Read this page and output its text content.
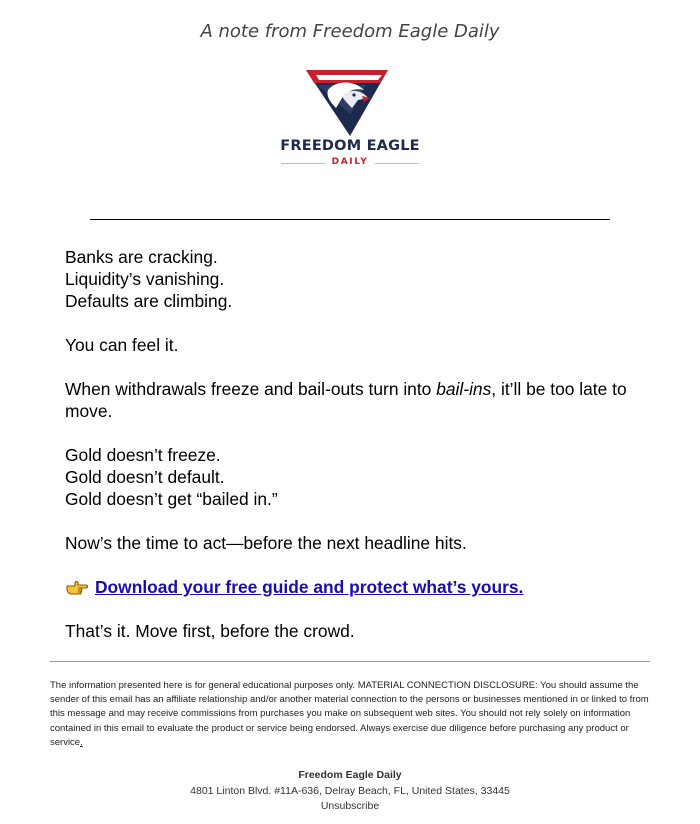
A note from Freedom Eagle Daily
FREEDOM EAGLE
DAILY

Banks are cracking.
Liquidity’s vanishing.
Defaults are climbing.

You can feel it.

When withdrawals freeze and bail-outs turn into bail-ins, it’ll be too late to move.

Gold doesn’t freeze.
Gold doesn’t default.
Gold doesn’t get “bailed in.”

Now’s the time to act—before the next headline hits.

Download your free guide and protect what’s yours.

That’s it. Move first, before the crowd.

The information presented here is for general educational purposes only. MATERIAL CONNECTION DISCLOSURE: You should assume the sender of this email has an affiliate relationship and/or another material connection to the persons or businesses mentioned in or linked to from this message and may receive commissions from purchases you make on subsequent web sites. You should not rely solely on information contained in this email to evaluate the product or service being endorsed. Always exercise due diligence before purchasing any product or service.
Freedom Eagle Daily
4801 Linton Blvd. #11A-636, Delray Beach, FL, United States, 33445
Unsubscribe
